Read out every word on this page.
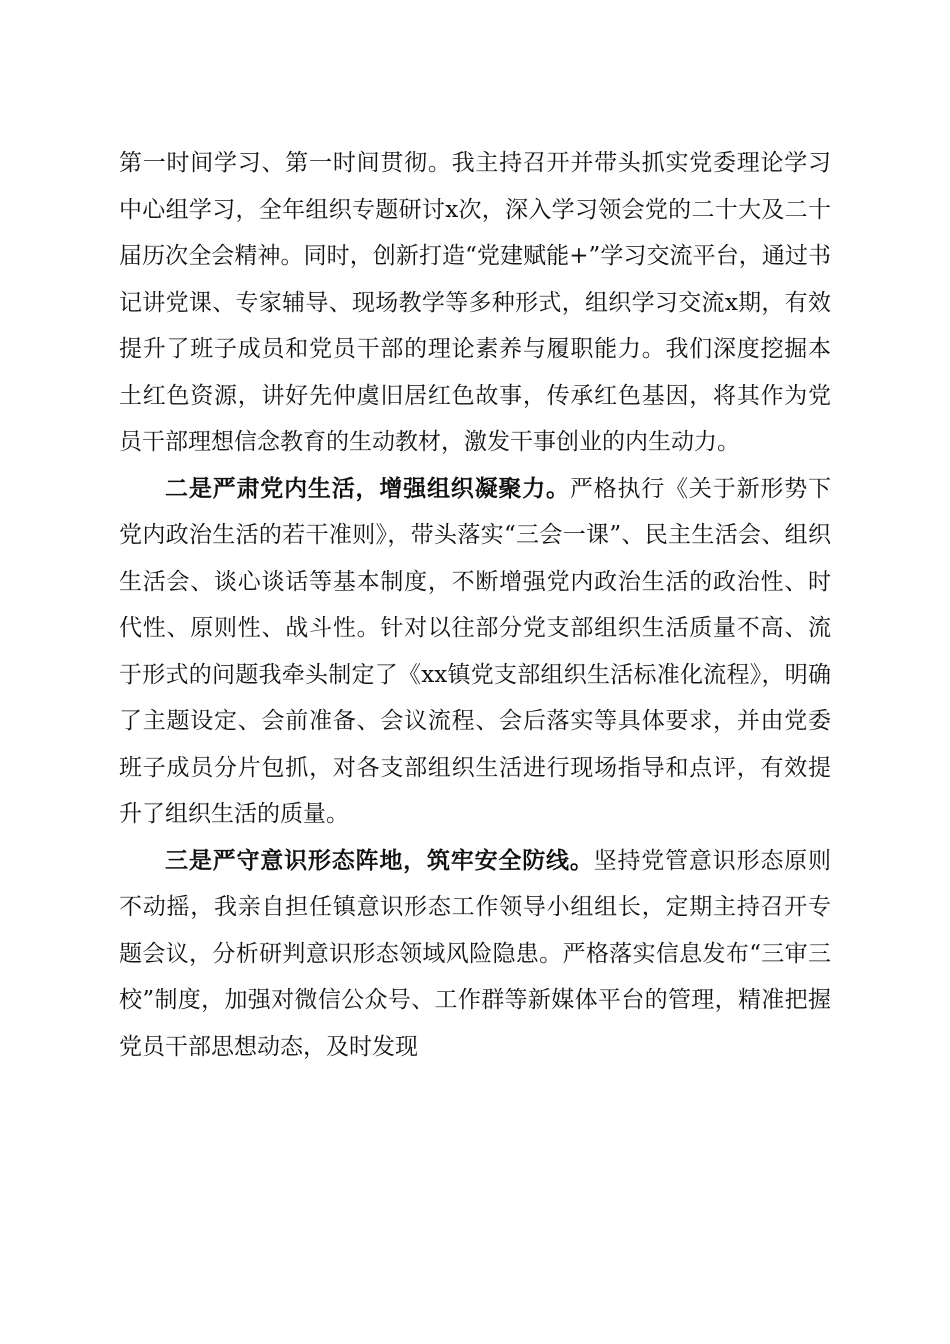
第一时间学习、第一时间贯彻。我主持召开并带头抓实党委理论学习中心组学习，全年组织专题研讨x次，深入学习领会党的二十大及二十届历次全会精神。同时，创新打造“党建赋能+”学习交流平台，通过书记讲党课、专家辅导、现场教学等多种形式，组织学习交流x期，有效提升了班子成员和党员干部的理论素养与履职能力。我们深度挖掘本土红色资源，讲好先仲虞旧居红色故事，传承红色基因，将其作为党员干部理想信念教育的生动教材，激发干事创业的内生动力。

二是严肃党内生活，增强组织凝聚力。严格执行《关于新形势下党内政治生活的若干准则》，带头落实“三会一课”、民主生活会、组织生活会、谈心谈话等基本制度，不断增强党内政治生活的政治性、时代性、原则性、战斗性。针对以往部分党支部组织生活质量不高、流于形式的问题我牵头制定了《xx镇党支部组织生活标准化流程》，明确了主题设定、会前准备、会议流程、会后落实等具体要求，并由党委班子成员分片包抓，对各支部组织生活进行现场指导和点评，有效提升了组织生活的质量。

三是严守意识形态阵地，筑牢安全防线。坚持党管意识形态原则不动摇，我亲自担任镇意识形态工作领导小组组长，定期主持召开专题会议，分析研判意识形态领域风险隐患。严格落实信息发布“三审三校”制度，加强对微信公众号、工作群等新媒体平台的管理，精准把握党员干部思想动态，及时发现
